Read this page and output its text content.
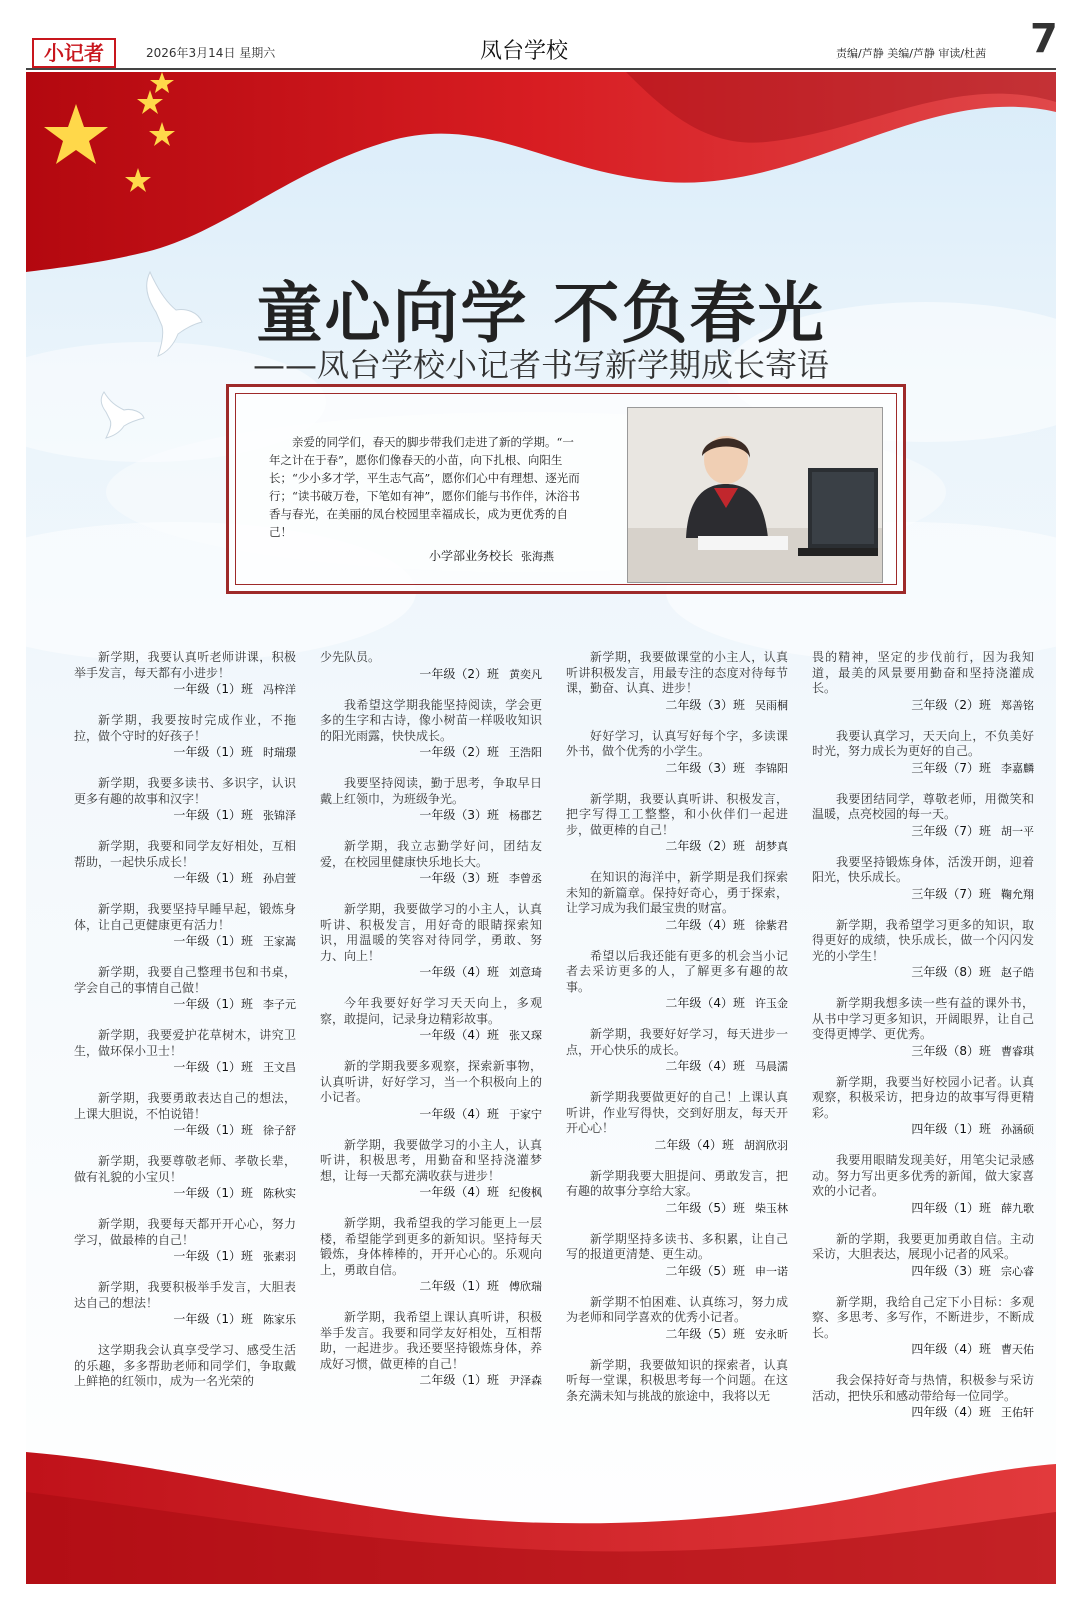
小记者	2026年3月14日 星期六	凤台学校	责编/芦静 美编/芦静 审读/杜茜 7
童心向学 不负春光
——凤台学校小记者书写新学期成长寄语
亲爱的同学们，春天的脚步带我们走进了新的学期。“一年之计在于春”，愿你们像春天的小苗，向下扎根、向阳生长；“少小多才学，平生志气高”，愿你们心中有理想、逐光而行；“读书破万卷，下笔如有神”，愿你们能与书作伴，沐浴书香与春光，在美丽的凤台校园里幸福成长，成为更优秀的自己！
小学部业务校长 张海燕

新学期，我要认真听老师讲课，积极举手发言，每天都有小进步！

一年级（1）班 冯梓洋

新学期，我要按时完成作业，不拖拉，做个守时的好孩子！

一年级（1）班 时瑞璟

新学期，我要多读书、多识字，认识更多有趣的故事和汉字！

一年级（1）班 张锦泽

新学期，我要和同学友好相处，互相帮助，一起快乐成长！

一年级（1）班 孙启萱

新学期，我要坚持早睡早起，锻炼身体，让自己更健康更有活力！

一年级（1）班 王家嵩

新学期，我要自己整理书包和书桌，学会自己的事情自己做！

一年级（1）班 李子元

新学期，我要爱护花草树木，讲究卫生，做环保小卫士！

一年级（1）班 王文昌

新学期，我要勇敢表达自己的想法，上课大胆说，不怕说错！

一年级（1）班 徐子舒

新学期，我要尊敬老师、孝敬长辈，做有礼貌的小宝贝！

一年级（1）班 陈秋实

新学期，我要每天都开开心心，努力学习，做最棒的自己！

一年级（1）班 张素羽

新学期，我要积极举手发言，大胆表达自己的想法！

一年级（1）班 陈家乐

这学期我会认真享受学习、感受生活的乐趣，多多帮助老师和同学们，争取戴上鲜艳的红领巾，成为一名光荣的

少先队员。

一年级（2）班 黄奕凡

我希望这学期我能坚持阅读，学会更多的生字和古诗，像小树苗一样吸收知识的阳光雨露，快快成长。

一年级（2）班 王浩阳

我要坚持阅读，勤于思考，争取早日戴上红领巾，为班级争光。

一年级（3）班 杨郡艺

新学期，我立志勤学好问，团结友爱，在校园里健康快乐地长大。

一年级（3）班 李曾丞

新学期，我要做学习的小主人，认真听讲、积极发言，用好奇的眼睛探索知识，用温暖的笑容对待同学，勇敢、努力、向上！

一年级（4）班 刘意琦

今年我要好好学习天天向上，多观察，敢提问，记录身边精彩故事。

一年级（4）班 张又琛

新的学期我要多观察，探索新事物，认真听讲，好好学习，当一个积极向上的小记者。

一年级（4）班 于家宁

新学期，我要做学习的小主人，认真听讲，积极思考，用勤奋和坚持浇灌梦想，让每一天都充满收获与进步！

一年级（4）班 纪俊枫

新学期，我希望我的学习能更上一层楼，希望能学到更多的新知识。坚持每天锻炼，身体棒棒的，开开心心的。乐观向上，勇敢自信。

二年级（1）班 傅欣瑞

新学期，我希望上课认真听讲，积极举手发言。我要和同学友好相处，互相帮助，一起进步。我还要坚持锻炼身体，养成好习惯，做更棒的自己！

二年级（1）班 尹泽森

新学期，我要做课堂的小主人，认真听讲积极发言，用最专注的态度对待每节课，勤奋、认真、进步！

二年级（3）班 吴雨桐

好好学习，认真写好每个字，多读课外书，做个优秀的小学生。

二年级（3）班 李锦阳

新学期，我要认真听讲、积极发言，把字写得工工整整，和小伙伴们一起进步，做更棒的自己！

二年级（2）班 胡梦真

在知识的海洋中，新学期是我们探索未知的新篇章。保持好奇心，勇于探索，让学习成为我们最宝贵的财富。

二年级（4）班 徐紫君

希望以后我还能有更多的机会当小记者去采访更多的人，了解更多有趣的故事。

二年级（4）班 许玉金

新学期，我要好好学习，每天进步一点，开心快乐的成长。

二年级（4）班 马晨濡

新学期我要做更好的自己！上课认真听讲，作业写得快，交到好朋友，每天开开心心！

二年级（4）班 胡润欣羽

新学期我要大胆提问、勇敢发言，把有趣的故事分享给大家。

二年级（5）班 柴玉林

新学期坚持多读书、多积累，让自己写的报道更清楚、更生动。

二年级（5）班 申一诺

新学期不怕困难、认真练习，努力成为老师和同学喜欢的优秀小记者。

二年级（5）班 安永昕

新学期，我要做知识的探索者，认真听每一堂课，积极思考每一个问题。在这条充满未知与挑战的旅途中，我将以无

畏的精神，坚定的步伐前行，因为我知道，最美的风景要用勤奋和坚持浇灌成长。

三年级（2）班 郑善铭

我要认真学习，天天向上，不负美好时光，努力成长为更好的自己。

三年级（7）班 李嘉麟

我要团结同学，尊敬老师，用微笑和温暖，点亮校园的每一天。

三年级（7）班 胡一平

我要坚持锻炼身体，活泼开朗，迎着阳光，快乐成长。

三年级（7）班 鞠允翔

新学期，我希望学习更多的知识，取得更好的成绩，快乐成长，做一个闪闪发光的小学生！

三年级（8）班 赵子皓

新学期我想多读一些有益的课外书，从书中学习更多知识，开阔眼界，让自己变得更博学、更优秀。

三年级（8）班 曹睿琪

新学期，我要当好校园小记者。认真观察，积极采访，把身边的故事写得更精彩。

四年级（1）班 孙涵硕

我要用眼睛发现美好，用笔尖记录感动。努力写出更多优秀的新闻，做大家喜欢的小记者。

四年级（1）班 薛九歌

新的学期，我要更加勇敢自信。主动采访，大胆表达，展现小记者的风采。

四年级（3）班 宗心睿

新学期，我给自己定下小目标：多观察、多思考、多写作，不断进步，不断成长。

四年级（4）班 曹天佑

我会保持好奇与热情，积极参与采访活动，把快乐和感动带给每一位同学。

四年级（4）班 王佑轩
